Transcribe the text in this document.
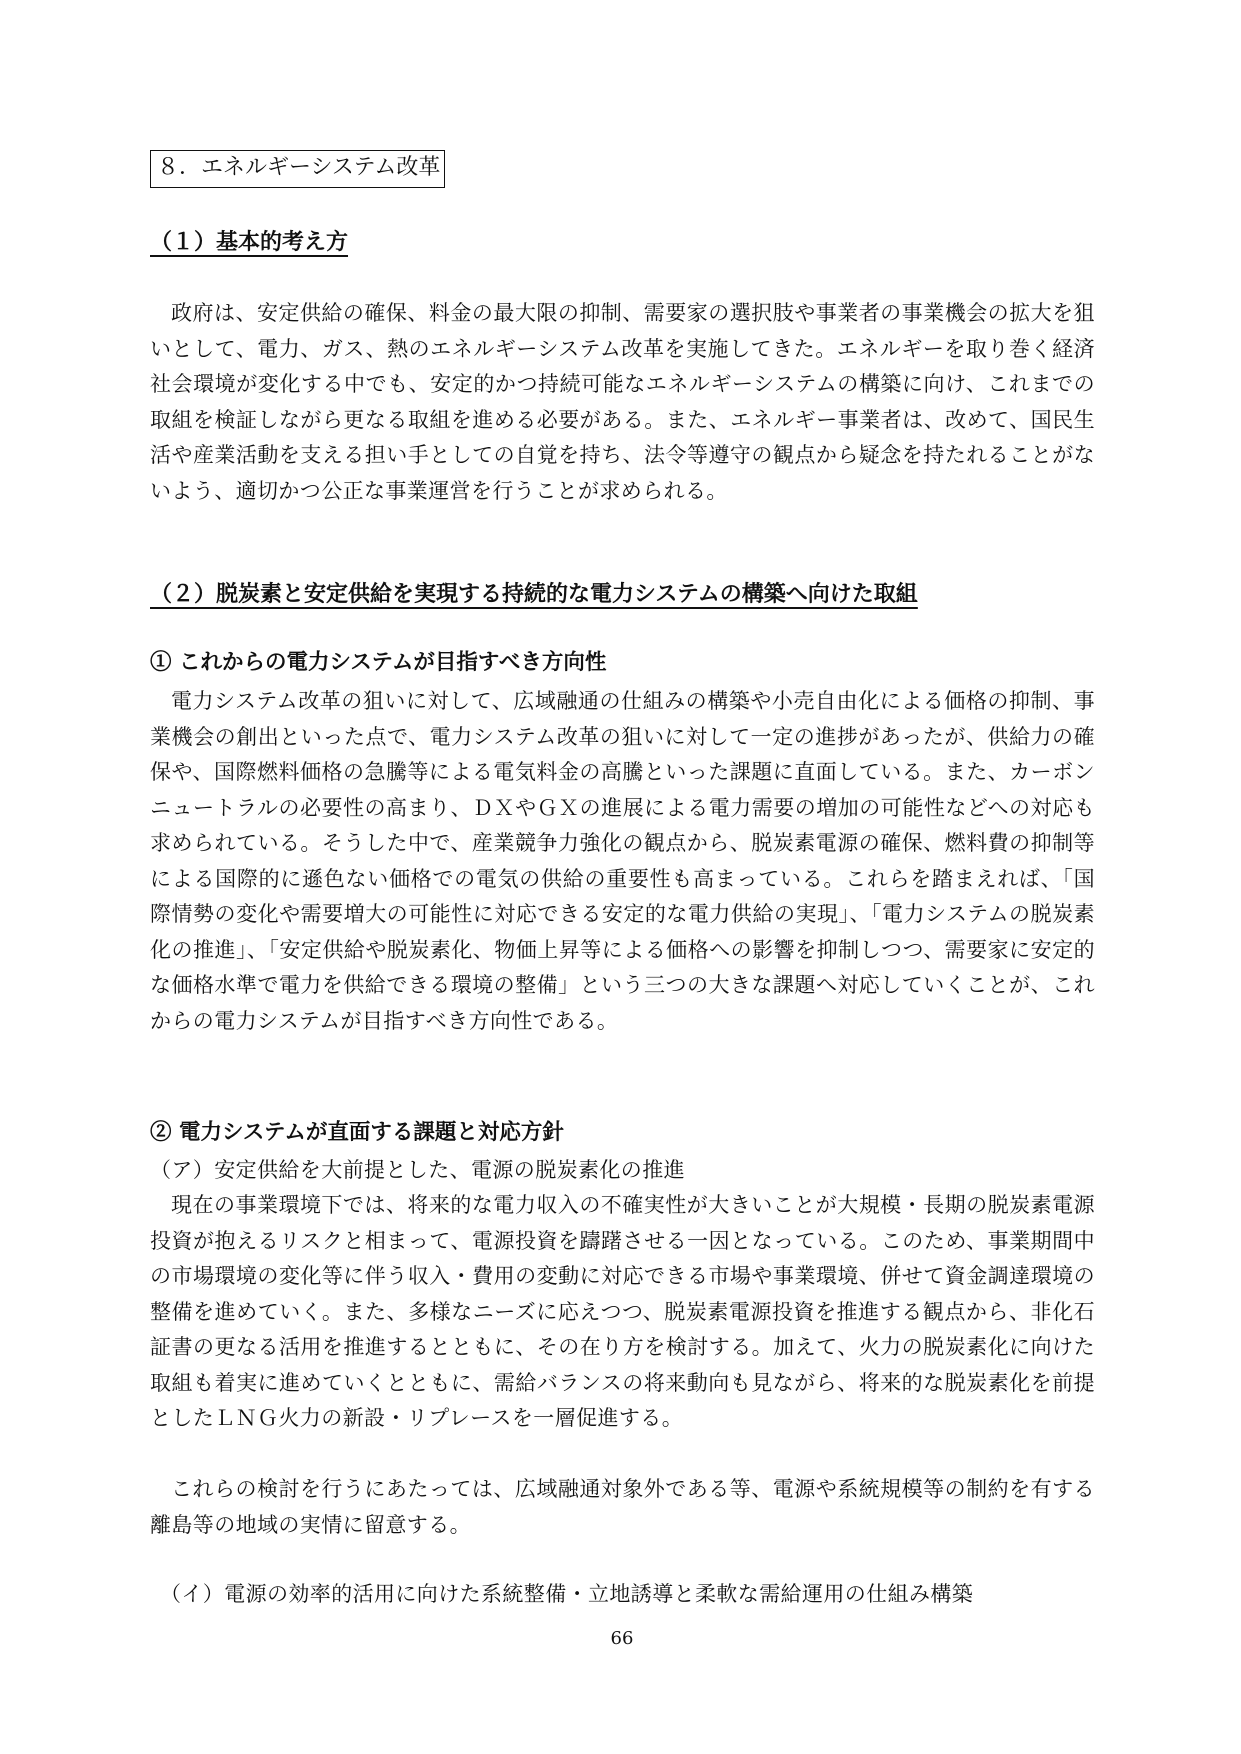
８．エネルギーシステム改革
（１）基本的考え方

政府は、安定供給の確保、料金の最大限の抑制、需要家の選択肢や事業者の事業機会の拡大を狙いとして、電力、ガス、熱のエネルギーシステム改革を実施してきた。エネルギーを取り巻く経済社会環境が変化する中でも、安定的かつ持続可能なエネルギーシステムの構築に向け、これまでの取組を検証しながら更なる取組を進める必要がある。また、エネルギー事業者は、改めて、国民生活や産業活動を支える担い手としての自覚を持ち、法令等遵守の観点から疑念を持たれることがないよう、適切かつ公正な事業運営を行うことが求められる。

（２）脱炭素と安定供給を実現する持続的な電力システムの構築へ向けた取組
① これからの電力システムが目指すべき方向性

電力システム改革の狙いに対して、広域融通の仕組みの構築や小売自由化による価格の抑制、事業機会の創出といった点で、電力システム改革の狙いに対して一定の進捗があったが、供給力の確保や、国際燃料価格の急騰等による電気料金の高騰といった課題に直面している。また、カーボンニュートラルの必要性の高まり、ＤＸやＧＸの進展による電力需要の増加の可能性などへの対応も求められている。そうした中で、産業競争力強化の観点から、脱炭素電源の確保、燃料費の抑制等による国際的に遜色ない価格での電気の供給の重要性も高まっている。これらを踏まえれば、「国際情勢の変化や需要増大の可能性に対応できる安定的な電力供給の実現」、「電力システムの脱炭素化の推進」、「安定供給や脱炭素化、物価上昇等による価格への影響を抑制しつつ、需要家に安定的な価格水準で電力を供給できる環境の整備」という三つの大きな課題へ対応していくことが、これからの電力システムが目指すべき方向性である。

② 電力システムが直面する課題と対応方針
（ア）安定供給を大前提とした、電源の脱炭素化の推進

現在の事業環境下では、将来的な電力収入の不確実性が大きいことが大規模・長期の脱炭素電源投資が抱えるリスクと相まって、電源投資を躊躇させる一因となっている。このため、事業期間中の市場環境の変化等に伴う収入・費用の変動に対応できる市場や事業環境、併せて資金調達環境の整備を進めていく。また、多様なニーズに応えつつ、脱炭素電源投資を推進する観点から、非化石証書の更なる活用を推進するとともに、その在り方を検討する。加えて、火力の脱炭素化に向けた取組も着実に進めていくとともに、需給バランスの将来動向も見ながら、将来的な脱炭素化を前提としたＬＮＧ火力の新設・リプレースを一層促進する。

これらの検討を行うにあたっては、広域融通対象外である等、電源や系統規模等の制約を有する離島等の地域の実情に留意する。

（イ）電源の効率的活用に向けた系統整備・立地誘導と柔軟な需給運用の仕組み構築
66
